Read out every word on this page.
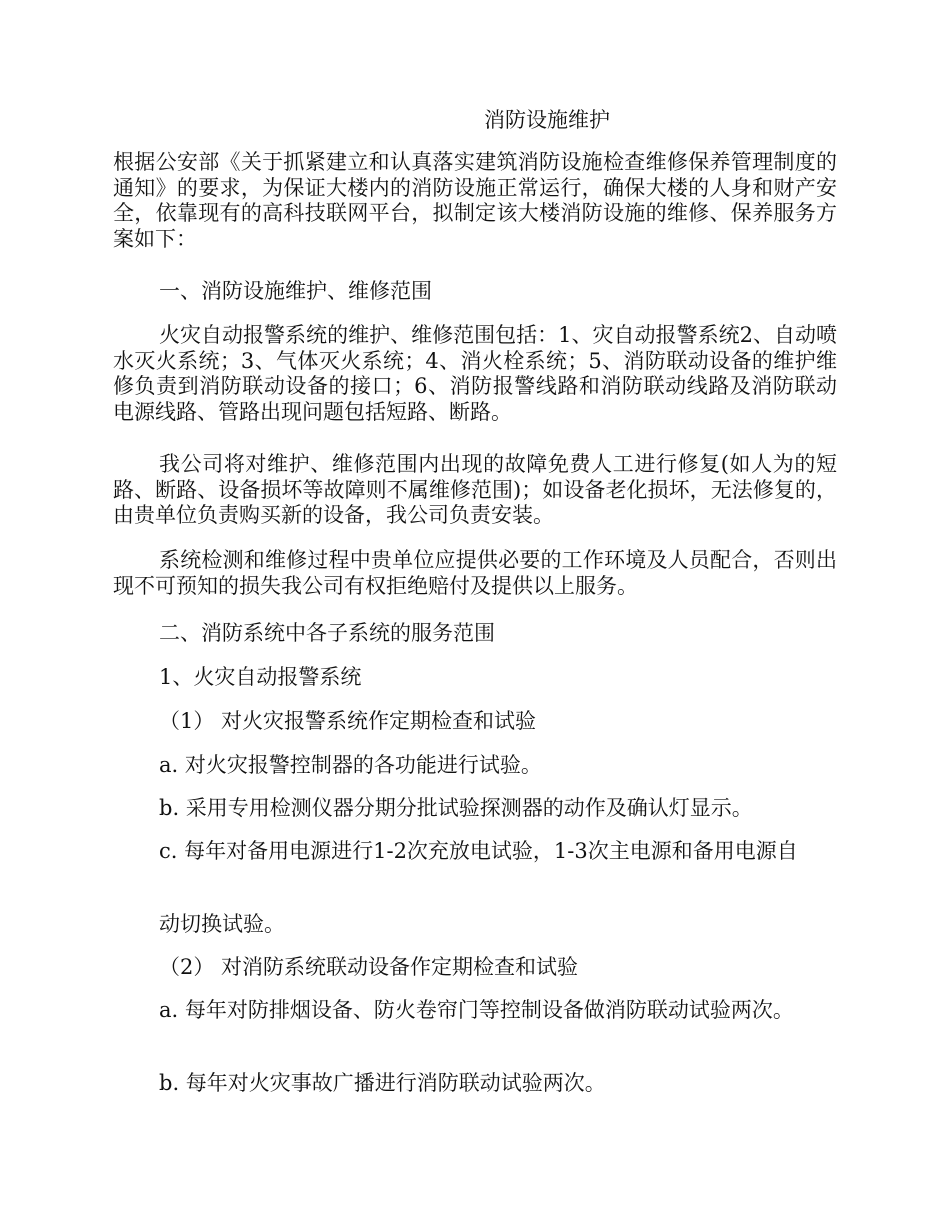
消防设施维护

根据公安部《关于抓紧建立和认真落实建筑消防设施检查维修保养管理制度的通知》的要求，为保证大楼内的消防设施正常运行，确保大楼的人身和财产安全，依靠现有的高科技联网平台，拟制定该大楼消防设施的维修、保养服务方案如下：

一、消防设施维护、维修范围

火灾自动报警系统的维护、维修范围包括：1、灾自动报警系统2、自动喷水灭火系统；3、气体灭火系统；4、消火栓系统；5、消防联动设备的维护维修负责到消防联动设备的接口；6、消防报警线路和消防联动线路及消防联动电源线路、管路出现问题包括短路、断路。

我公司将对维护、维修范围内出现的故障免费人工进行修复(如人为的短路、断路、设备损坏等故障则不属维修范围)；如设备老化损坏，无法修复的，由贵单位负责购买新的设备，我公司负责安装。

系统检测和维修过程中贵单位应提供必要的工作环境及人员配合，否则出现不可预知的损失我公司有权拒绝赔付及提供以上服务。

二、消防系统中各子系统的服务范围

1、火灾自动报警系统

（1） 对火灾报警系统作定期检查和试验

a. 对火灾报警控制器的各功能进行试验。

b. 采用专用检测仪器分期分批试验探测器的动作及确认灯显示。

c. 每年对备用电源进行1-2次充放电试验，1-3次主电源和备用电源自

动切换试验。

（2） 对消防系统联动设备作定期检查和试验

a. 每年对防排烟设备、防火卷帘门等控制设备做消防联动试验两次。

b. 每年对火灾事故广播进行消防联动试验两次。
